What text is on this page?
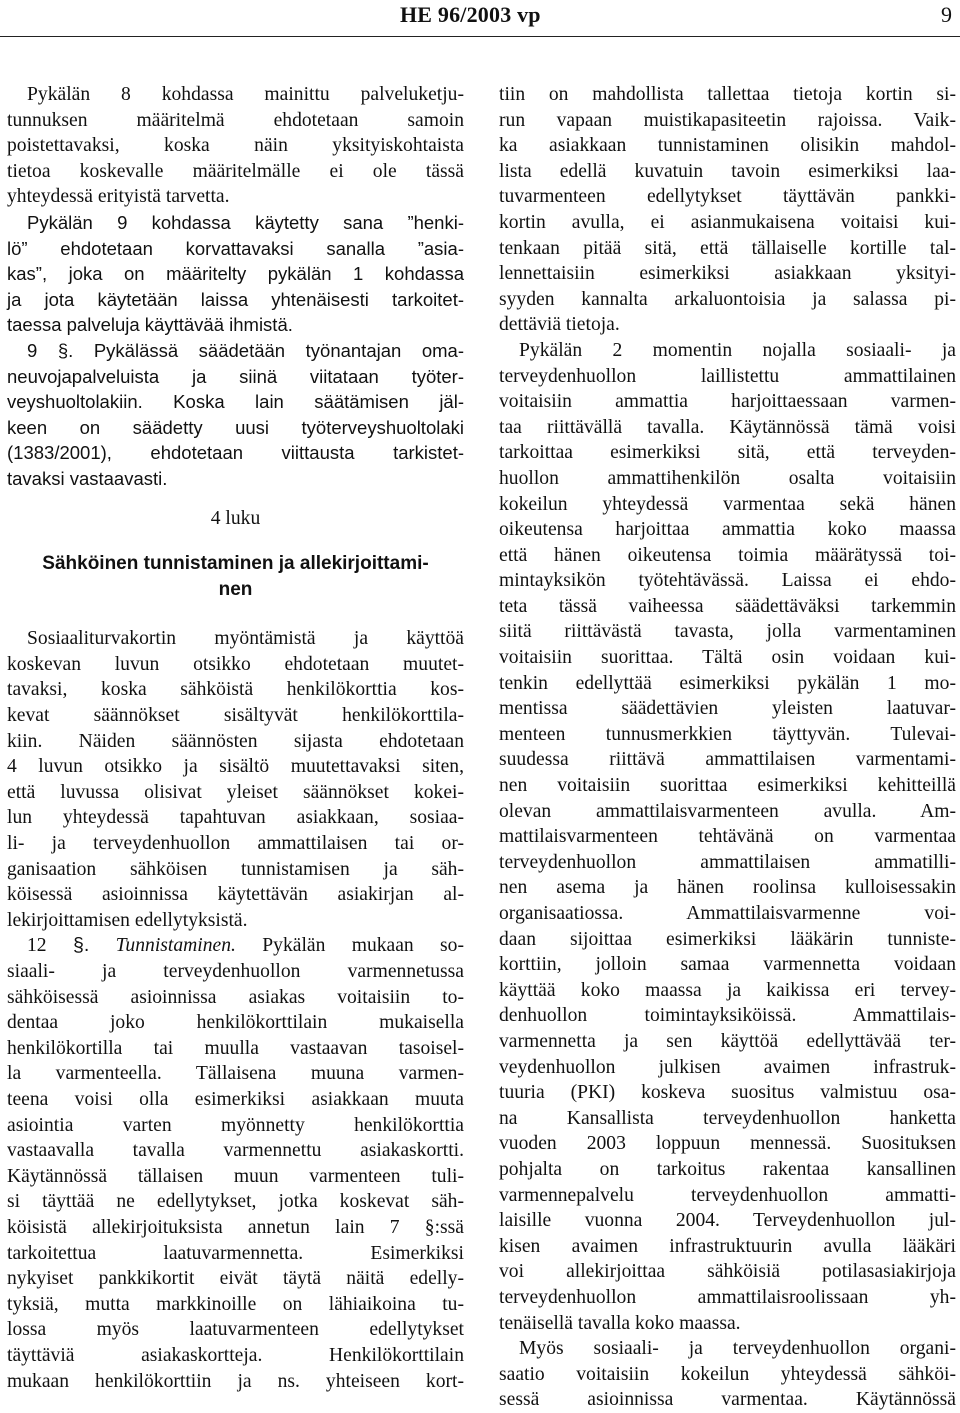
HE 96/2003 vp	9
Pykälän 8 kohdassa mainittu palveluketju-
tunnuksen määritelmä ehdotetaan samoin
poistettavaksi, koska näin yksityiskohtaista
tietoa koskevalle määritelmälle ei ole tässä
yhteydessä erityistä tarvetta.
Pykälän 9 kohdassa käytetty sana ”henki-
lö” ehdotetaan korvattavaksi sanalla ”asia-
kas”, joka on määritelty pykälän 1 kohdassa
ja jota käytetään laissa yhtenäisesti tarkoitet-
taessa palveluja käyttävää ihmistä.
9 §. Pykälässä säädetään työnantajan oma-
neuvojapalveluista ja siinä viitataan työter-
veyshuoltolakiin. Koska lain säätämisen jäl-
keen on säädetty uusi työterveyshuoltolaki
(1383/2001), ehdotetaan viittausta tarkistet-
tavaksi vastaavasti.
4 luku
Sähköinen tunnistaminen ja allekirjoittami-
nen
Sosiaaliturvakortin myöntämistä ja käyttöä
koskevan luvun otsikko ehdotetaan muutet-
tavaksi, koska sähköistä henkilökorttia kos-
kevat säännökset sisältyvät henkilökorttila-
kiin. Näiden säännösten sijasta ehdotetaan
4 luvun otsikko ja sisältö muutettavaksi siten,
että luvussa olisivat yleiset säännökset kokei-
lun yhteydessä tapahtuvan asiakkaan, sosiaa-
li- ja terveydenhuollon ammattilaisen tai or-
ganisaation sähköisen tunnistamisen ja säh-
köisessä asioinnissa käytettävän asiakirjan al-
lekirjoittamisen edellytyksistä.
12 §. Tunnistaminen. Pykälän mukaan so-
siaali- ja terveydenhuollon varmennetussa
sähköisessä asioinnissa asiakas voitaisiin to-
dentaa joko henkilökorttilain mukaisella
henkilökortilla tai muulla vastaavan tasoisel-
la varmenteella. Tällaisena muuna varmen-
teena voisi olla esimerkiksi asiakkaan muuta
asiointia varten myönnetty henkilökorttia
vastaavalla tavalla varmennettu asiakaskortti.
Käytännössä tällaisen muun varmenteen tuli-
si täyttää ne edellytykset, jotka koskevat säh-
köisistä allekirjoituksista annetun lain 7 §:ssä
tarkoitettua laatuvarmennetta. Esimerkiksi
nykyiset pankkikortit eivät täytä näitä edelly-
tyksiä, mutta markkinoille on lähiaikoina tu-
lossa myös laatuvarmenteen edellytykset
täyttäviä asiakaskortteja. Henkilökorttilain
mukaan henkilökorttiin ja ns. yhteiseen kort-
tiin on mahdollista tallettaa tietoja kortin si-
run vapaan muistikapasiteetin rajoissa. Vaik-
ka asiakkaan tunnistaminen olisikin mahdol-
lista edellä kuvatuin tavoin esimerkiksi laa-
tuvarmenteen edellytykset täyttävän pankki-
kortin avulla, ei asianmukaisena voitaisi kui-
tenkaan pitää sitä, että tällaiselle kortille tal-
lennettaisiin esimerkiksi asiakkaan yksityi-
syyden kannalta arkaluontoisia ja salassa pi-
dettäviä tietoja.
Pykälän 2 momentin nojalla sosiaali- ja
terveydenhuollon laillistettu ammattilainen
voitaisiin ammattia harjoittaessaan varmen-
taa riittävällä tavalla. Käytännössä tämä voisi
tarkoittaa esimerkiksi sitä, että terveyden-
huollon ammattihenkilön osalta voitaisiin
kokeilun yhteydessä varmentaa sekä hänen
oikeutensa harjoittaa ammattia koko maassa
että hänen oikeutensa toimia määrätyssä toi-
mintayksikön työtehtävässä. Laissa ei ehdo-
teta tässä vaiheessa säädettäväksi tarkemmin
siitä riittävästä tavasta, jolla varmentaminen
voitaisiin suorittaa. Tältä osin voidaan kui-
tenkin edellyttää esimerkiksi pykälän 1 mo-
mentissa säädettävien yleisten laatuvar-
menteen tunnusmerkkien täyttyvän. Tulevai-
suudessa riittävä ammattilaisen varmentami-
nen voitaisiin suorittaa esimerkiksi kehitteillä
olevan ammattilaisvarmenteen avulla. Am-
mattilaisvarmenteen tehtävänä on varmentaa
terveydenhuollon ammattilaisen ammatilli-
nen asema ja hänen roolinsa kulloisessakin
organisaatiossa. Ammattilaisvarmenne voi-
daan sijoittaa esimerkiksi lääkärin tunniste-
korttiin, jolloin samaa varmennetta voidaan
käyttää koko maassa ja kaikissa eri tervey-
denhuollon toimintayksiköissä. Ammattilais-
varmennetta ja sen käyttöä edellyttävää ter-
veydenhuollon julkisen avaimen infrastruk-
tuuria (PKI) koskeva suositus valmistuu osa-
na Kansallista terveydenhuollon hanketta
vuoden 2003 loppuun mennessä. Suosituksen
pohjalta on tarkoitus rakentaa kansallinen
varmennepalvelu terveydenhuollon ammatti-
laisille vuonna 2004. Terveydenhuollon jul-
kisen avaimen infrastruktuurin avulla lääkäri
voi allekirjoittaa sähköisiä potilasasiakirjoja
terveydenhuollon ammattilaisroolissaan yh-
tenäisellä tavalla koko maassa.
Myös sosiaali- ja terveydenhuollon organi-
saatio voitaisiin kokeilun yhteydessä sähköi-
sessä asioinnissa varmentaa. Käytännössä
